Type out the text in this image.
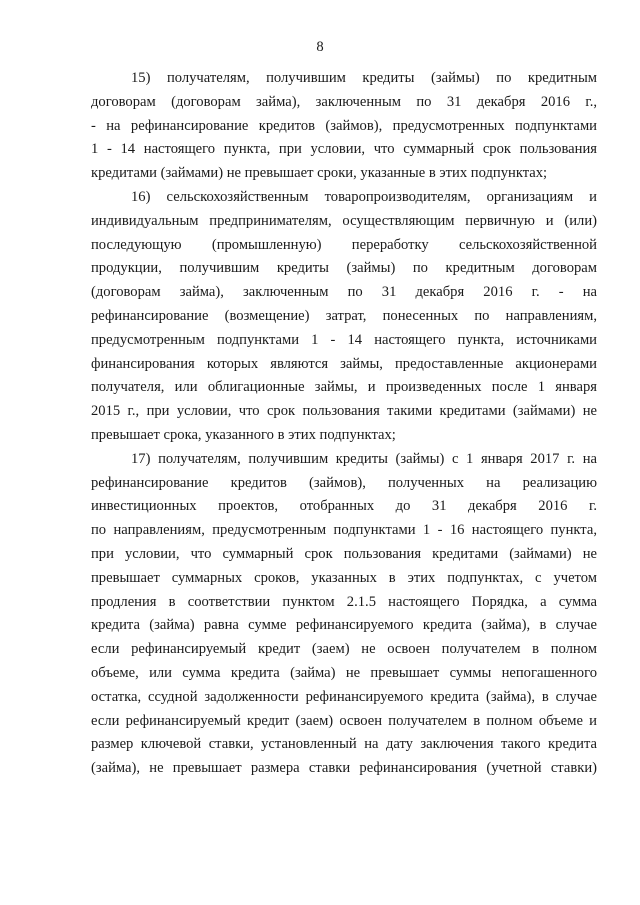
8
15) получателям, получившим кредиты (займы) по кредитным
договорам (договорам займа), заключенным по 31 декабря 2016 г.,
- на рефинансирование кредитов (займов), предусмотренных подпунктами
1 - 14 настоящего пункта, при условии, что суммарный срок пользования
кредитами (займами) не превышает сроки, указанные в этих подпунктах;
16) сельскохозяйственным товаропроизводителям, организациям и
индивидуальным предпринимателям, осуществляющим первичную и (или)
последующую (промышленную) переработку сельскохозяйственной
продукции, получившим кредиты (займы) по кредитным договорам
(договорам займа), заключенным по 31 декабря 2016 г. - на
рефинансирование (возмещение) затрат, понесенных по направлениям,
предусмотренным подпунктами 1 - 14 настоящего пункта, источниками
финансирования которых являются займы, предоставленные акционерами
получателя, или облигационные займы, и произведенных после 1 января
2015 г., при условии, что срок пользования такими кредитами (займами) не
превышает срока, указанного в этих подпунктах;
17) получателям, получившим кредиты (займы) с 1 января 2017 г. на
рефинансирование кредитов (займов), полученных на реализацию
инвестиционных проектов, отобранных до 31 декабря 2016 г.
по направлениям, предусмотренным подпунктами 1 - 16 настоящего пункта,
при условии, что суммарный срок пользования кредитами (займами) не
превышает суммарных сроков, указанных в этих подпунктах, с учетом
продления в соответствии пунктом 2.1.5 настоящего Порядка, а сумма
кредита (займа) равна сумме рефинансируемого кредита (займа), в случае
если рефинансируемый кредит (заем) не освоен получателем в полном
объеме, или сумма кредита (займа) не превышает суммы непогашенного
остатка, ссудной задолженности рефинансируемого кредита (займа), в случае
если рефинансируемый кредит (заем) освоен получателем в полном объеме и
размер ключевой ставки, установленный на дату заключения такого кредита
(займа), не превышает размера ставки рефинансирования (учетной ставки)
